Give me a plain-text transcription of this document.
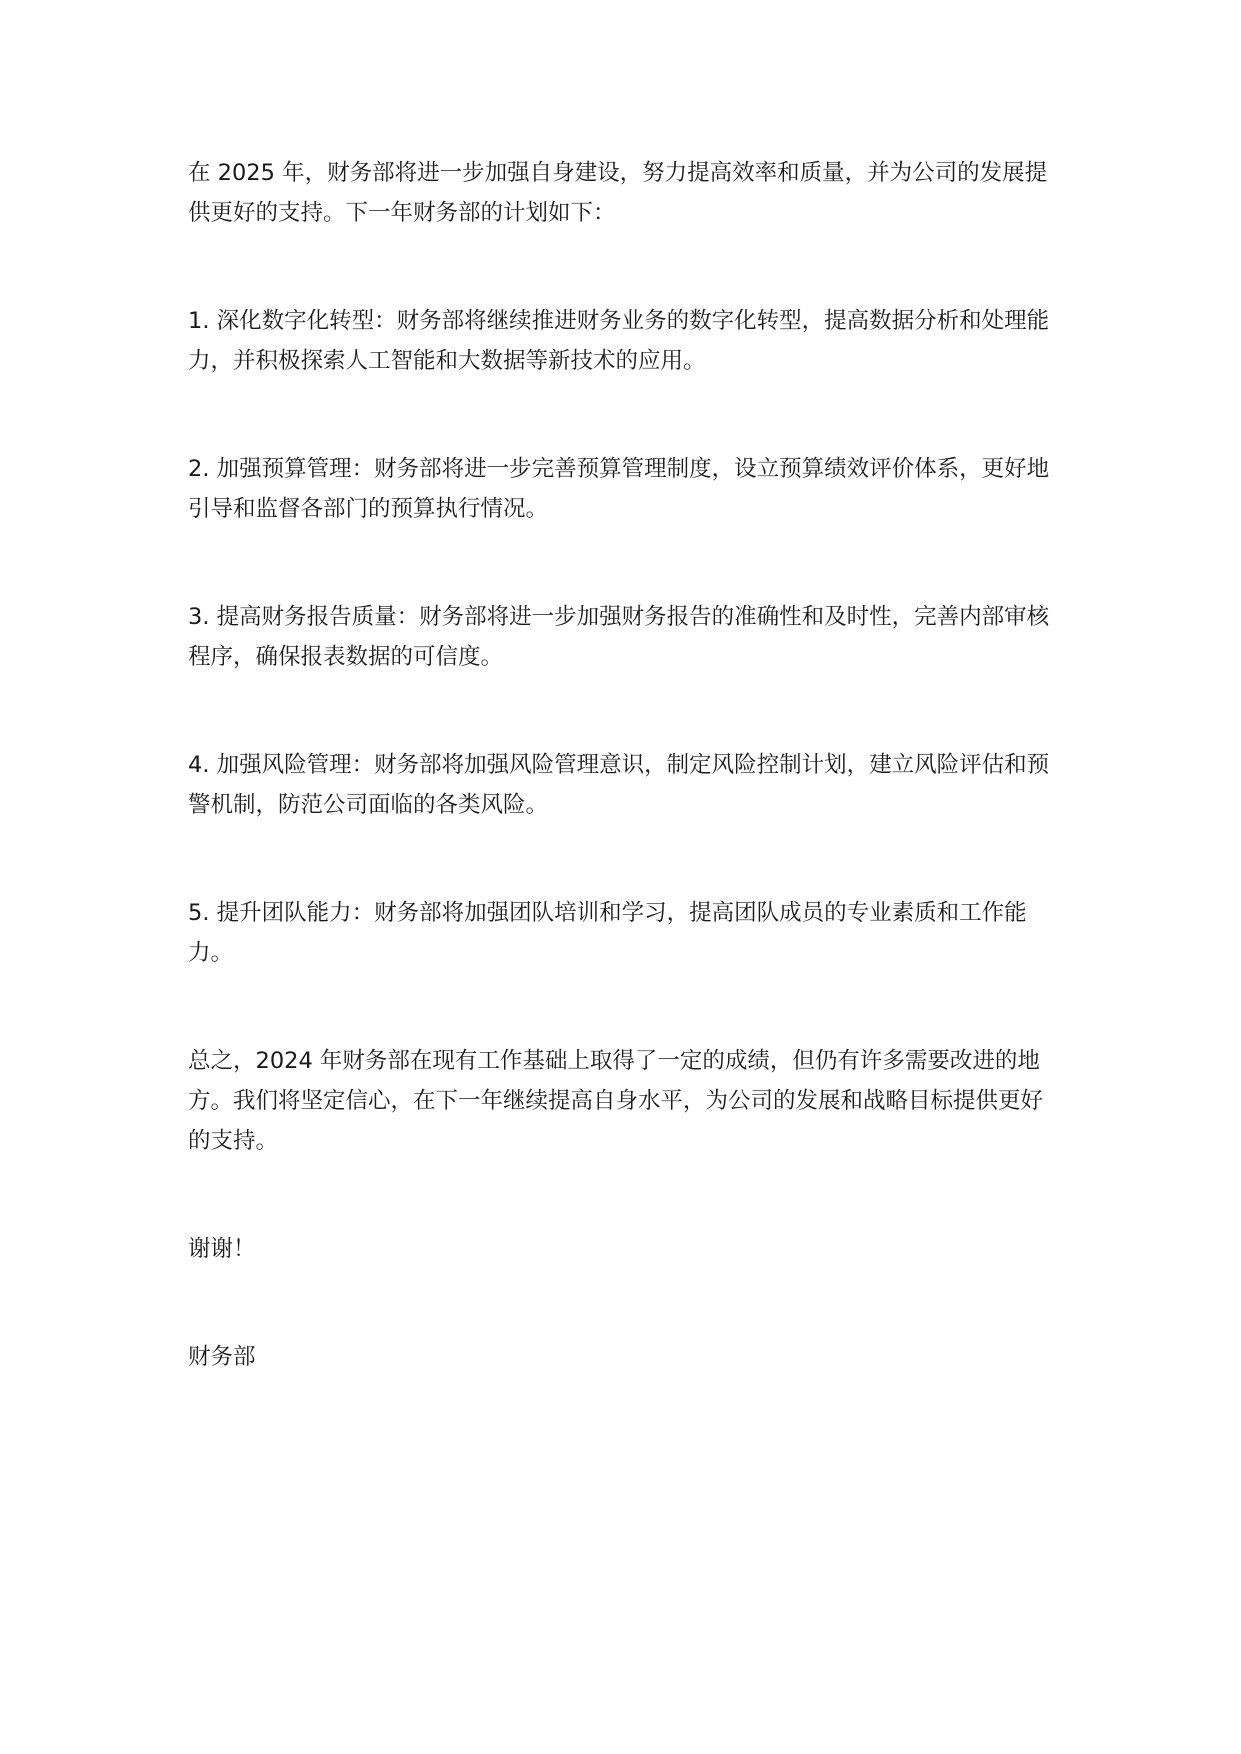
在 2025 年，财务部将进一步加强自身建设，努力提高效率和质量，并为公司的发展提供更好的支持。下一年财务部的计划如下：

1. 深化数字化转型：财务部将继续推进财务业务的数字化转型，提高数据分析和处理能力，并积极探索人工智能和大数据等新技术的应用。

2. 加强预算管理：财务部将进一步完善预算管理制度，设立预算绩效评价体系，更好地引导和监督各部门的预算执行情况。

3. 提高财务报告质量：财务部将进一步加强财务报告的准确性和及时性，完善内部审核程序，确保报表数据的可信度。

4. 加强风险管理：财务部将加强风险管理意识，制定风险控制计划，建立风险评估和预警机制，防范公司面临的各类风险。

5. 提升团队能力：财务部将加强团队培训和学习，提高团队成员的专业素质和工作能力。

总之，2024 年财务部在现有工作基础上取得了一定的成绩，但仍有许多需要改进的地方。我们将坚定信心，在下一年继续提高自身水平，为公司的发展和战略目标提供更好的支持。

谢谢！

财务部
